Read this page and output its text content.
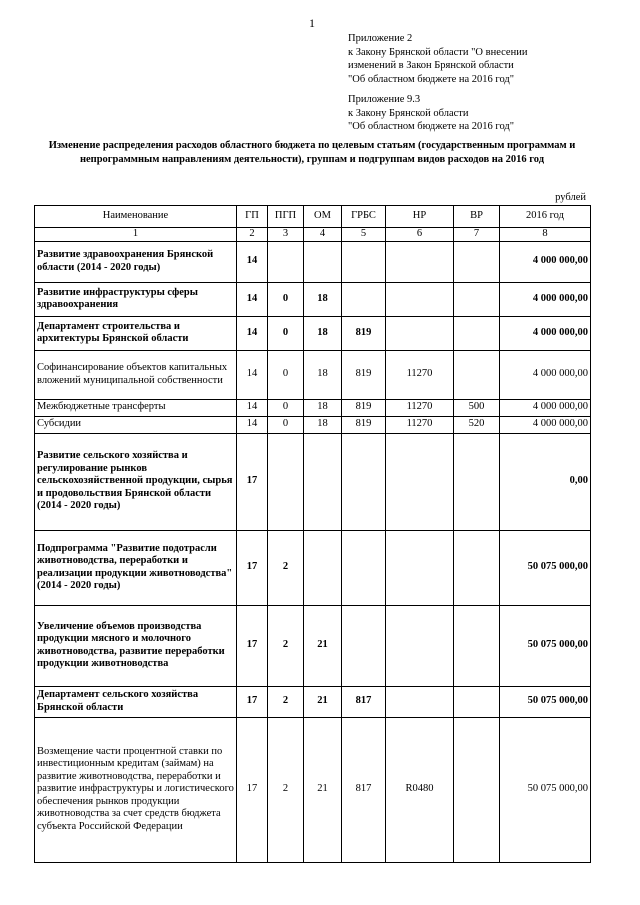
1
Приложение 2
к Закону Брянской области "О внесении
изменений в Закон Брянской области
"Об областном бюджете на 2016 год"
Приложение 9.3
к Закону Брянской области
"Об областном бюджете на 2016 год"
Изменение распределения расходов областного бюджета по целевым статьям (государственным программам и непрограммным направлениям деятельности), группам и подгруппам видов расходов на 2016 год
рублей
Наименование	ГП	ПГП	ОМ	ГРБС	НР	ВР	2016 год
1	2	3	4	5	6	7	8
Развитие здравоохранения Брянской области (2014 - 2020 годы)	14						4 000 000,00
Развитие инфраструктуры сферы здравоохранения	14	0	18				4 000 000,00
Департамент строительства и архитектуры Брянской области	14	0	18	819			4 000 000,00
Софинансирование объектов капитальных вложений муниципальной собственности	14	0	18	819	11270		4 000 000,00
Межбюджетные трансферты	14	0	18	819	11270	500	4 000 000,00
Субсидии	14	0	18	819	11270	520	4 000 000,00
Развитие сельского хозяйства и регулирование рынков сельскохозяйственной продукции, сырья и продовольствия Брянской области (2014 - 2020 годы)	17						0,00
Подпрограмма "Развитие подотрасли животноводства, переработки и реализации продукции животноводства" (2014 - 2020 годы)	17	2					50 075 000,00
Увеличение объемов производства продукции мясного и молочного животноводства, развитие переработки продукции животноводства	17	2	21				50 075 000,00
Департамент сельского хозяйства Брянской области	17	2	21	817			50 075 000,00
Возмещение части процентной ставки по инвестиционным кредитам (займам) на развитие животноводства, переработки и развитие инфраструктуры и логистического обеспечения рынков продукции животноводства за счет средств бюджета субъекта Российской Федерации	17	2	21	817	R0480		50 075 000,00
